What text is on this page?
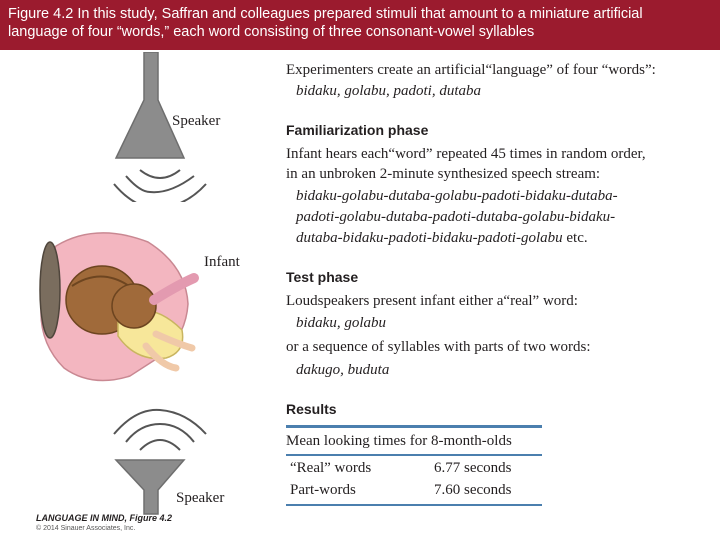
Figure 4.2 In this study, Saffran and colleagues prepared stimuli that amount to a miniature artificial
language of four “words,” each word consisting of three consonant-vowel syllables
Speaker
Infant
Speaker
Experimenters create an artificial“language” of four “words”:
bidaku, golabu, padoti, dutaba
Familiarization phase
Infant hears each“word” repeated 45 times in random order,
in an unbroken 2-minute synthesized speech stream:
bidaku-golabu-dutaba-golabu-padoti-bidaku-dutaba-
padoti-golabu-dutaba-padoti-dutaba-golabu-bidaku-
dutaba-bidaku-padoti-bidaku-padoti-golabu etc.
Test phase
Loudspeakers present infant either a“real” word:
bidaku, golabu
or a sequence of syllables with parts of two words:
dakugo, buduta
Results
Mean looking times for 8-month-olds
“Real” words	6.77 seconds
Part-words	7.60 seconds
LANGUAGE IN MIND, Figure 4.2
© 2014 Sinauer Associates, Inc.
